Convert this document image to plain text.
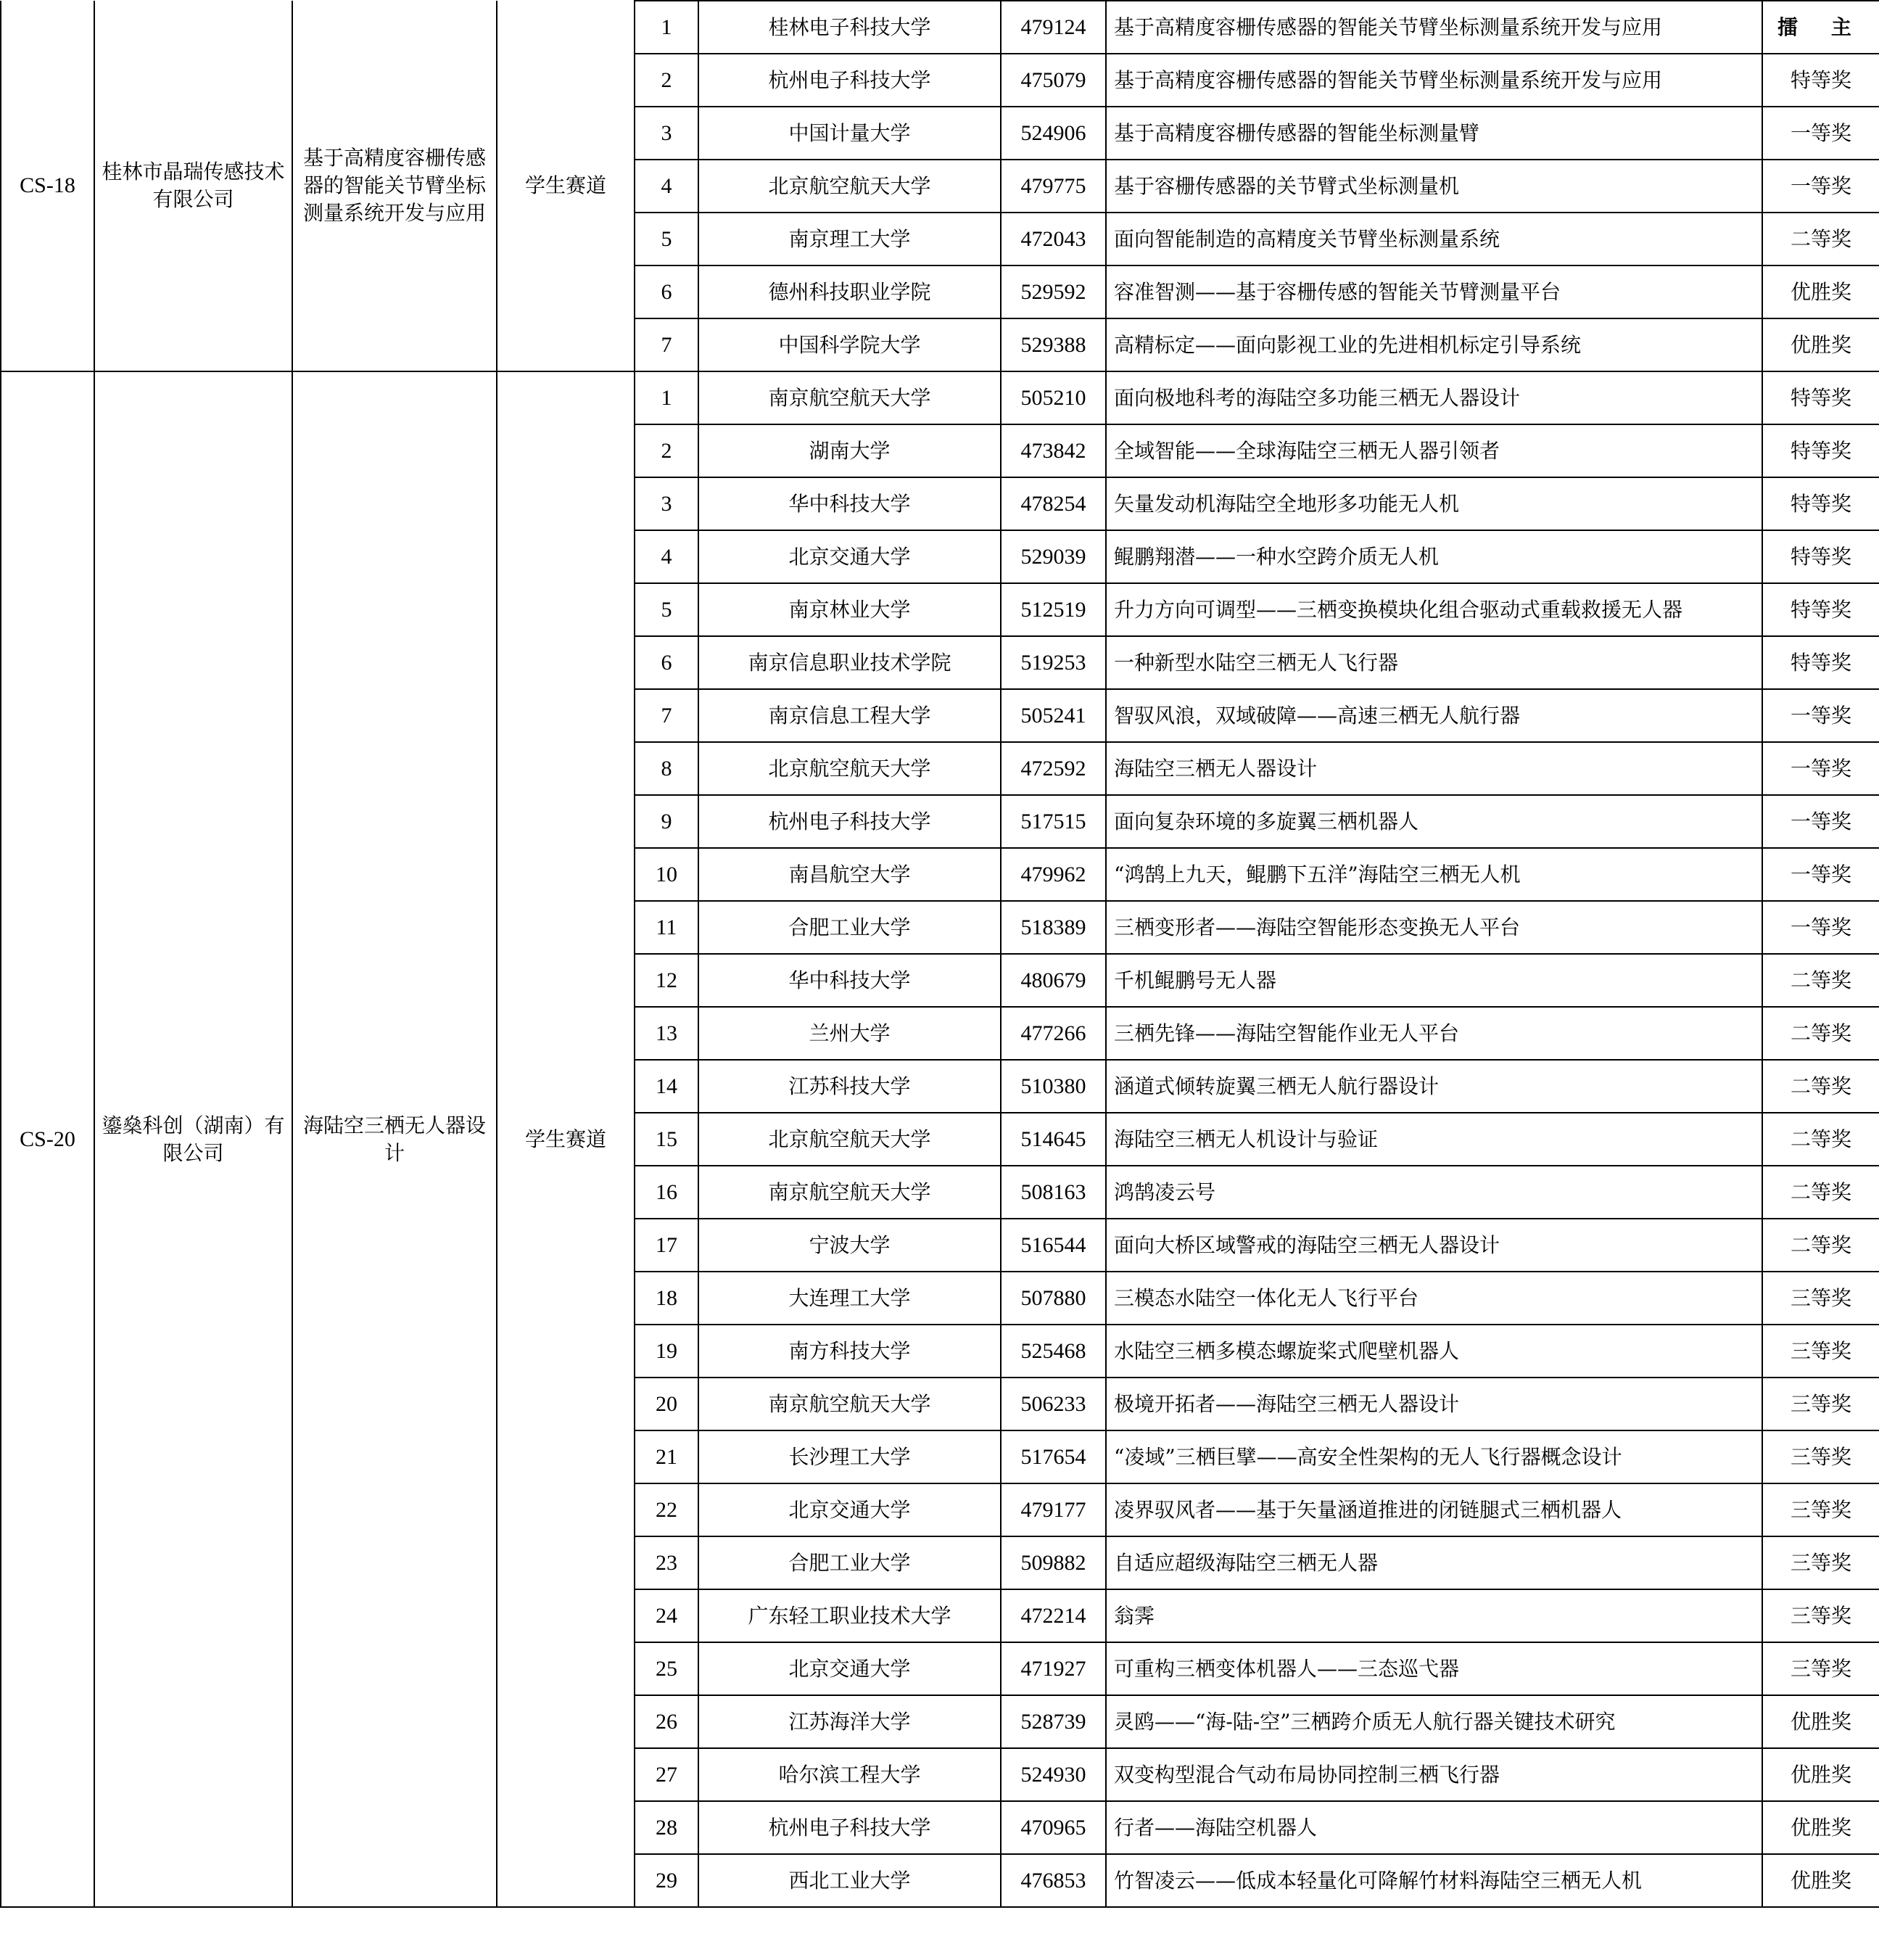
CS-18	桂林市晶瑞传感技术有限公司	基于高精度容栅传感器的智能关节臂坐标测量系统开发与应用	学生赛道	1	桂林电子科技大学	479124	基于高精度容栅传感器的智能关节臂坐标测量系统开发与应用	擂 主
				2	杭州电子科技大学	475079	基于高精度容栅传感器的智能关节臂坐标测量系统开发与应用	特等奖
				3	中国计量大学	524906	基于高精度容栅传感器的智能坐标测量臂	一等奖
				4	北京航空航天大学	479775	基于容栅传感器的关节臂式坐标测量机	一等奖
				5	南京理工大学	472043	面向智能制造的高精度关节臂坐标测量系统	二等奖
				6	德州科技职业学院	529592	容准智测——基于容栅传感的智能关节臂测量平台	优胜奖
				7	中国科学院大学	529388	高精标定——面向影视工业的先进相机标定引导系统	优胜奖
CS-20	鎏燊科创（湖南）有限公司	海陆空三栖无人器设计	学生赛道	1	南京航空航天大学	505210	面向极地科考的海陆空多功能三栖无人器设计	特等奖
				2	湖南大学	473842	全域智能——全球海陆空三栖无人器引领者	特等奖
				3	华中科技大学	478254	矢量发动机海陆空全地形多功能无人机	特等奖
				4	北京交通大学	529039	鲲鹏翔潜——一种水空跨介质无人机	特等奖
				5	南京林业大学	512519	升力方向可调型——三栖变换模块化组合驱动式重载救援无人器	特等奖
				6	南京信息职业技术学院	519253	一种新型水陆空三栖无人飞行器	特等奖
				7	南京信息工程大学	505241	智驭风浪，双域破障——高速三栖无人航行器	一等奖
				8	北京航空航天大学	472592	海陆空三栖无人器设计	一等奖
				9	杭州电子科技大学	517515	面向复杂环境的多旋翼三栖机器人	一等奖
				10	南昌航空大学	479962	“鸿鹄上九天，鲲鹏下五洋”海陆空三栖无人机	一等奖
				11	合肥工业大学	518389	三栖变形者——海陆空智能形态变换无人平台	一等奖
				12	华中科技大学	480679	千机鲲鹏号无人器	二等奖
				13	兰州大学	477266	三栖先锋——海陆空智能作业无人平台	二等奖
				14	江苏科技大学	510380	涵道式倾转旋翼三栖无人航行器设计	二等奖
				15	北京航空航天大学	514645	海陆空三栖无人机设计与验证	二等奖
				16	南京航空航天大学	508163	鸿鹄凌云号	二等奖
				17	宁波大学	516544	面向大桥区域警戒的海陆空三栖无人器设计	二等奖
				18	大连理工大学	507880	三模态水陆空一体化无人飞行平台	三等奖
				19	南方科技大学	525468	水陆空三栖多模态螺旋桨式爬壁机器人	三等奖
				20	南京航空航天大学	506233	极境开拓者——海陆空三栖无人器设计	三等奖
				21	长沙理工大学	517654	“凌域”三栖巨擘——高安全性架构的无人飞行器概念设计	三等奖
				22	北京交通大学	479177	凌界驭风者——基于矢量涵道推进的闭链腿式三栖机器人	三等奖
				23	合肥工业大学	509882	自适应超级海陆空三栖无人器	三等奖
				24	广东轻工职业技术大学	472214	翁霁	三等奖
				25	北京交通大学	471927	可重构三栖变体机器人——三态巡弋器	三等奖
				26	江苏海洋大学	528739	灵鸥——“海-陆-空”三栖跨介质无人航行器关键技术研究	优胜奖
				27	哈尔滨工程大学	524930	双变构型混合气动布局协同控制三栖飞行器	优胜奖
				28	杭州电子科技大学	470965	行者——海陆空机器人	优胜奖
				29	西北工业大学	476853	竹智凌云——低成本轻量化可降解竹材料海陆空三栖无人机	优胜奖
